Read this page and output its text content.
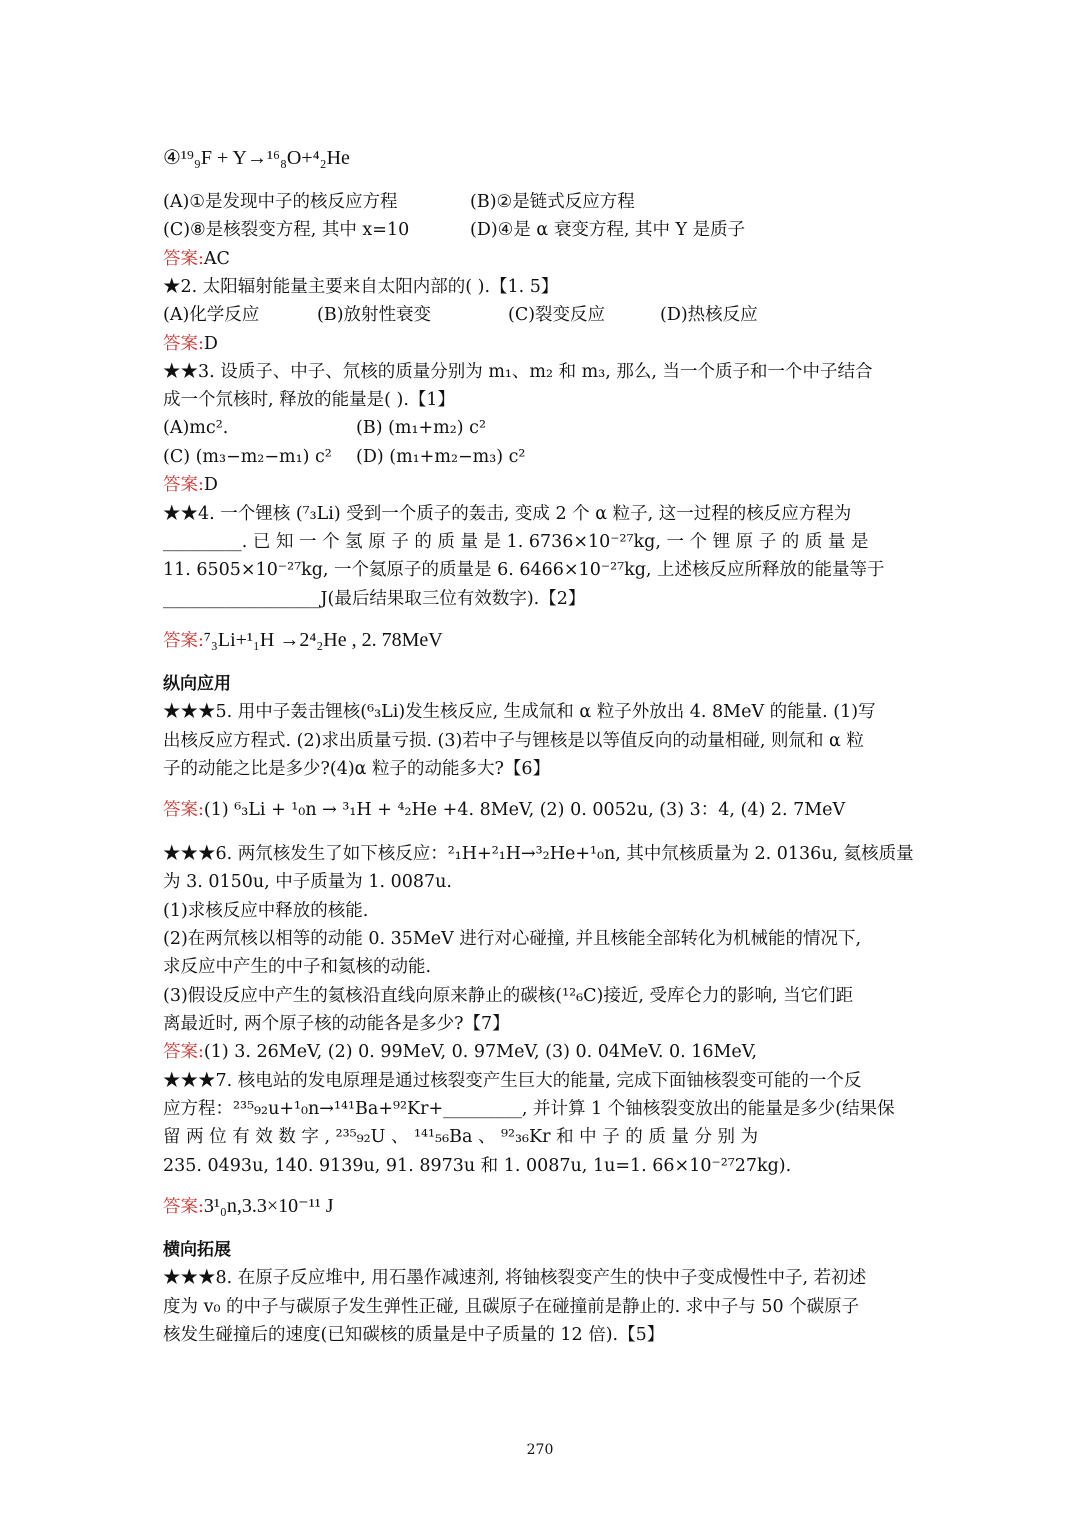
④¹⁹₉F + Y→¹⁶₈O+⁴₂He
(A)①是发现中子的核反应方程	(B)②是链式反应方程
(C)⑧是核裂变方程, 其中 x=10	(D)④是 α 衰变方程, 其中 Y 是质子
答案:AC
★2. 太阳辐射能量主要来自太阳内部的( ).【1. 5】
(A)化学反应	(B)放射性衰变	(C)裂变反应	(D)热核反应
答案:D
★★3. 设质子、中子、氘核的质量分别为 m₁、m₂ 和 m₃, 那么, 当一个质子和一个中子结合
成一个氘核时, 释放的能量是( ).【1】
(A)mc².	(B) (m₁+m₂) c²
(C) (m₃−m₂−m₁) c² (D) (m₁+m₂−m₃) c²
答案:D
★★4. 一个锂核 (⁷₃Li) 受到一个质子的轰击, 变成 2 个 α 粒子, 这一过程的核反应方程为
_________. 已 知 一 个 氢 原 子 的 质 量 是 1. 6736×10⁻²⁷kg, 一 个 锂 原 子 的 质 量 是
11. 6505×10⁻²⁷kg, 一个氦原子的质量是 6. 6466×10⁻²⁷kg, 上述核反应所释放的能量等于
__________________J(最后结果取三位有效数字).【2】
答案:⁷₃Li+¹₁H →2⁴₂He , 2. 78MeV
纵向应用
★★★5. 用中子轰击锂核(⁶₃Li)发生核反应, 生成氚和 α 粒子外放出 4. 8MeV 的能量. (1)写
出核反应方程式. (2)求出质量亏损. (3)若中子与锂核是以等值反向的动量相碰, 则氚和 α 粒
子的动能之比是多少?(4)α 粒子的动能多大?【6】
答案:(1) ⁶₃Li + ¹₀n → ³₁H + ⁴₂He +4. 8MeV, (2) 0. 0052u, (3) 3：4, (4) 2. 7MeV
★★★6. 两氘核发生了如下核反应：²₁H+²₁H→³₂He+¹₀n, 其中氘核质量为 2. 0136u, 氦核质量
为 3. 0150u, 中子质量为 1. 0087u.
(1)求核反应中释放的核能.
(2)在两氘核以相等的动能 0. 35MeV 进行对心碰撞, 并且核能全部转化为机械能的情况下,
求反应中产生的中子和氦核的动能.
(3)假设反应中产生的氦核沿直线向原来静止的碳核(¹²₆C)接近, 受库仑力的影响, 当它们距
离最近时, 两个原子核的动能各是多少?【7】
答案:(1) 3. 26MeV, (2) 0. 99MeV, 0. 97MeV, (3) 0. 04MeV. 0. 16MeV,
★★★7. 核电站的发电原理是通过核裂变产生巨大的能量, 完成下面铀核裂变可能的一个反
应方程：²³⁵₉₂u+¹₀n→¹⁴¹Ba+⁹²Kr+_________, 并计算 1 个铀核裂变放出的能量是多少(结果保
留 两 位 有 效 数 字 , ²³⁵₉₂U 、 ¹⁴¹₅₆Ba 、 ⁹²₃₆Kr 和 中 子 的 质 量 分 别 为
235. 0493u, 140. 9139u, 91. 8973u 和 1. 0087u, 1u=1. 66×10⁻²⁷27kg).
答案:3¹₀n,3.3×10⁻¹¹ J
横向拓展
★★★8. 在原子反应堆中, 用石墨作减速剂, 将铀核裂变产生的快中子变成慢性中子, 若初述
度为 v₀ 的中子与碳原子发生弹性正碰, 且碳原子在碰撞前是静止的. 求中子与 50 个碳原子
核发生碰撞后的速度(已知碳核的质量是中子质量的 12 倍).【5】
270
